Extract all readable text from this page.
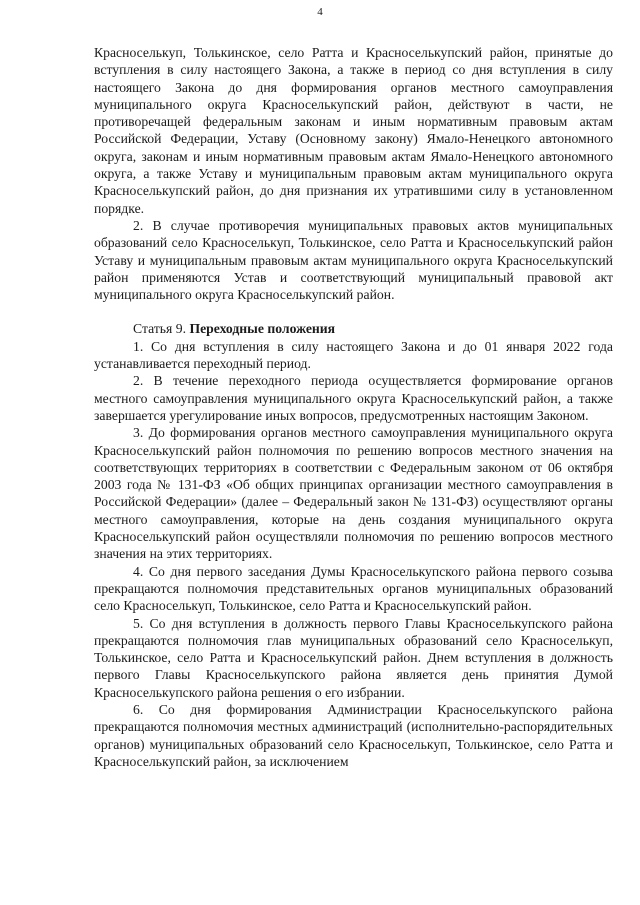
4

Красноселькуп, Толькинское, село Ратта и Красноселькупский район, принятые до вступления в силу настоящего Закона, а также в период со дня вступления в силу настоящего Закона до дня формирования органов местного самоуправления муниципального округа Красноселькупский район, действуют в части, не противоречащей федеральным законам и иным нормативным правовым актам Российской Федерации, Уставу (Основному закону) Ямало-Ненецкого автономного округа, законам и иным нормативным правовым актам Ямало-Ненецкого автономного округа, а также Уставу и муниципальным правовым актам муниципального округа Красноселькупский район, до дня признания их утратившими силу в установленном порядке.

2. В случае противоречия муниципальных правовых актов муниципальных образований село Красноселькуп, Толькинское, село Ратта и Красноселькупский район Уставу и муниципальным правовым актам муниципального округа Красноселькупский район применяются Устав и соответствующий муниципальный правовой акт муниципального округа Красноселькупский район.

Статья 9. Переходные положения

1. Со дня вступления в силу настоящего Закона и до 01 января 2022 года устанавливается переходный период.

2. В течение переходного периода осуществляется формирование органов местного самоуправления муниципального округа Красноселькупский район, а также завершается урегулирование иных вопросов, предусмотренных настоящим Законом.

3. До формирования органов местного самоуправления муниципального округа Красноселькупский район полномочия по решению вопросов местного значения на соответствующих территориях в соответствии с Федеральным законом от 06 октября 2003 года № 131-ФЗ «Об общих принципах организации местного самоуправления в Российской Федерации» (далее – Федеральный закон № 131-ФЗ) осуществляют органы местного самоуправления, которые на день создания муниципального округа Красноселькупский район осуществляли полномочия по решению вопросов местного значения на этих территориях.

4. Со дня первого заседания Думы Красноселькупского района первого созыва прекращаются полномочия представительных органов муниципальных образований село Красноселькуп, Толькинское, село Ратта и Красноселькупский район.

5. Со дня вступления в должность первого Главы Красноселькупского района прекращаются полномочия глав муниципальных образований село Красноселькуп, Толькинское, село Ратта и Красноселькупский район. Днем вступления в должность первого Главы Красноселькупского района является день принятия Думой Красноселькупского района решения о его избрании.

6. Со дня формирования Администрации Красноселькупского района прекращаются полномочия местных администраций (исполнительно-распорядительных органов) муниципальных образований село Красноселькуп, Толькинское, село Ратта и Красноселькупский район, за исключением
